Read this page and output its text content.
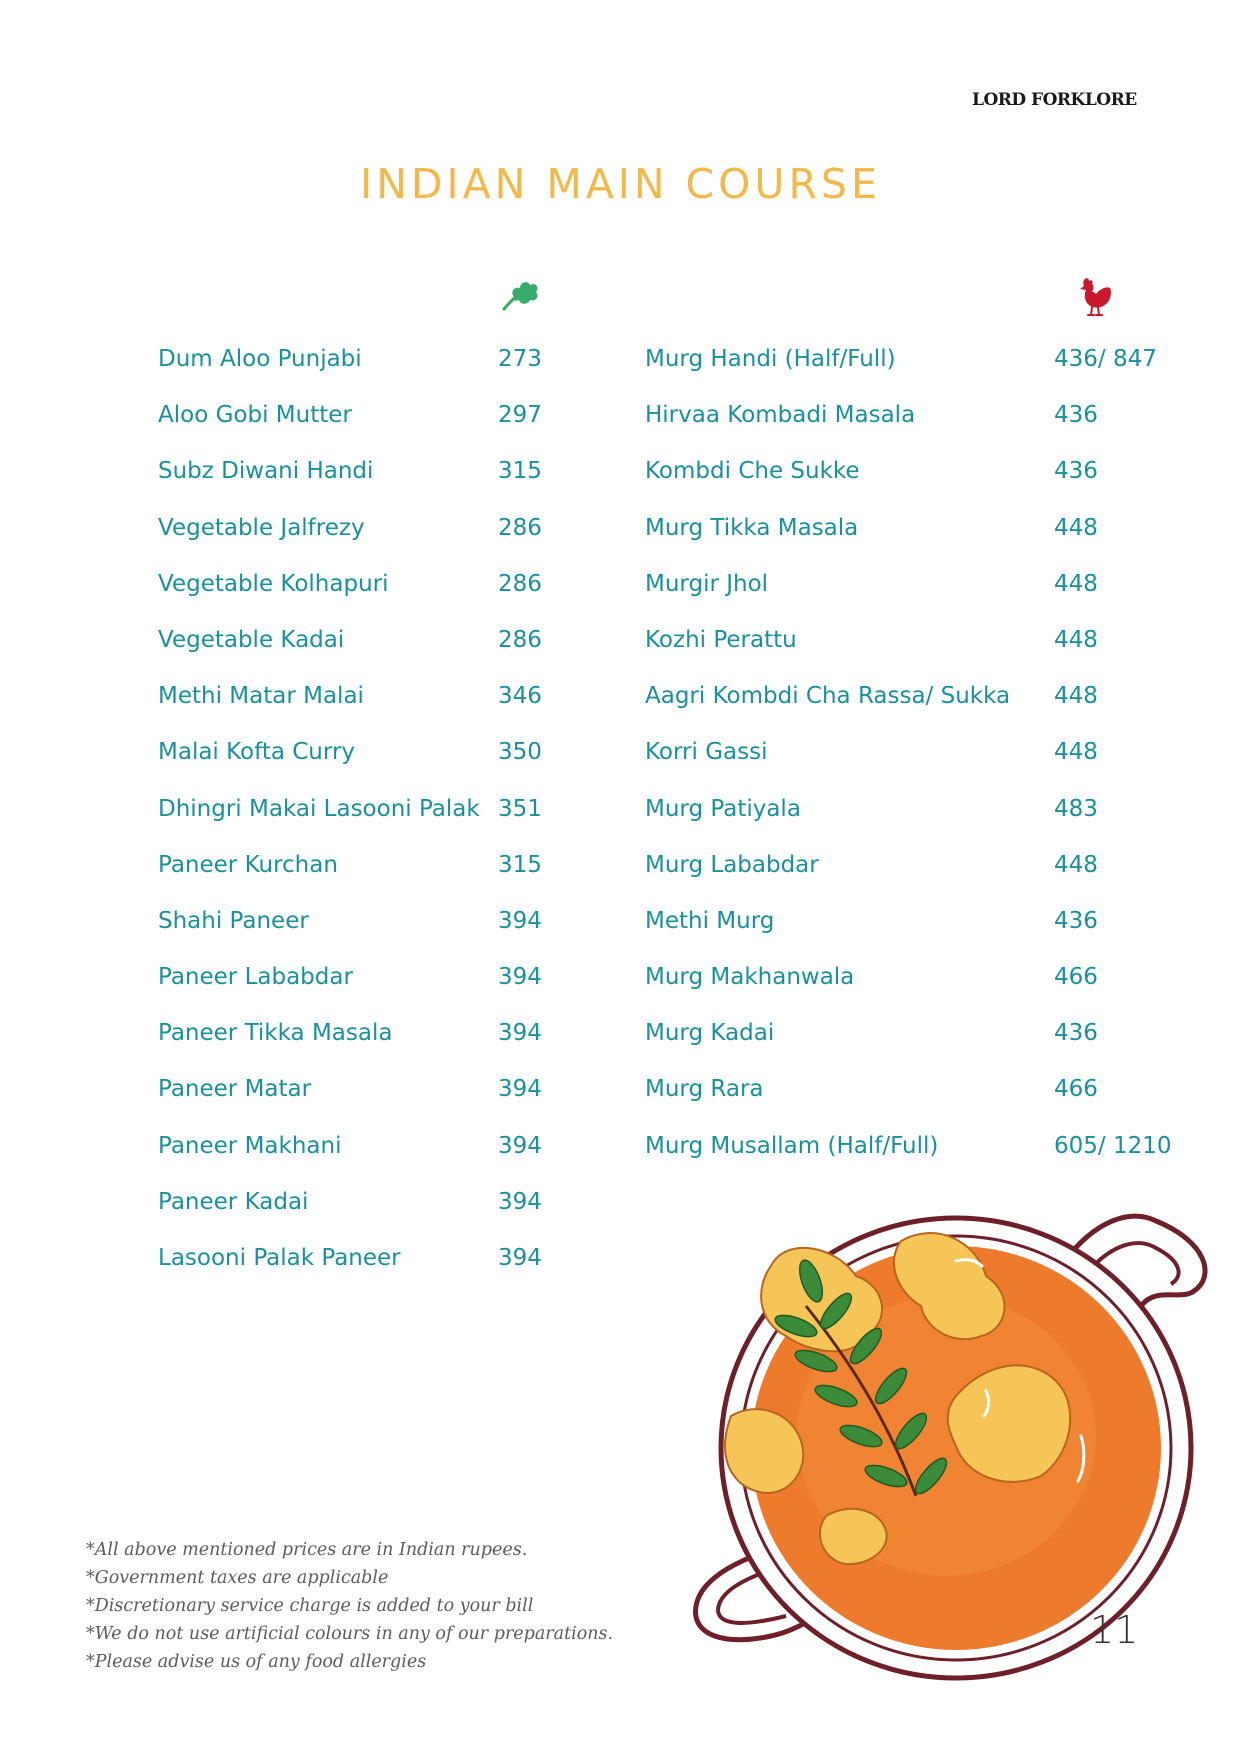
LORD FORKLORE
INDIAN MAIN COURSE
Dum Aloo Punjabi	273
Aloo Gobi Mutter	297
Subz Diwani Handi	315
Vegetable Jalfrezy	286
Vegetable Kolhapuri	286
Vegetable Kadai	286
Methi Matar Malai	346
Malai Kofta Curry	350
Dhingri Makai Lasooni Palak 351
Paneer Kurchan	315
Shahi Paneer	394
Paneer Lababdar	394
Paneer Tikka Masala	394
Paneer Matar	394
Paneer Makhani	394
Paneer Kadai	394
Lasooni Palak Paneer	394
Murg Handi (Half/Full)	436/ 847
Hirvaa Kombadi Masala	436
Kombdi Che Sukke	436
Murg Tikka Masala	448
Murgir Jhol	448
Kozhi Perattu	448
Aagri Kombdi Cha Rassa/ Sukka 448
Korri Gassi	448
Murg Patiyala	483
Murg Lababdar	448
Methi Murg	436
Murg Makhanwala	466
Murg Kadai	436
Murg Rara	466
Murg Musallam (Half/Full)	605/ 1210
11
*All above mentioned prices are in Indian rupees.
*Government taxes are applicable
*Discretionary service charge is added to your bill
*We do not use artificial colours in any of our preparations.
*Please advise us of any food allergies
